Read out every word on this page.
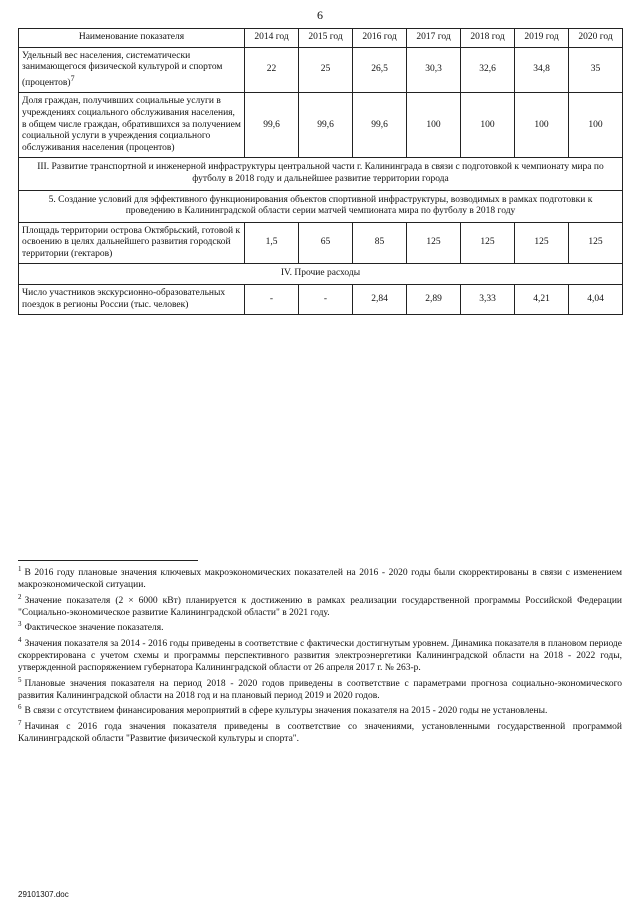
6
Наименование показателя	2014 год	2015 год	2016 год	2017 год	2018 год	2019 год	2020 год
Удельный вес населения, систематически занимающегося физической культурой и спортом (процентов)$^7$	22	25	26,5	30,3	32,6	34,8	35
Доля граждан, получивших социальные услуги в учреждениях социального обслуживания населения, в общем числе граждан, обратившихся за получением социальной услуги в учреждения социального обслуживания населения (процентов)	99,6	99,6	99,6	100	100	100	100
III. Развитие транспортной и инженерной инфраструктуры центральной части г. Калининграда в связи с подготовкой к чемпионату мира по футболу в 2018 году и дальнейшее развитие территории города							
5. Создание условий для эффективного функционирования объектов спортивной инфраструктуры, возводимых в рамках подготовки к проведению в Калининградской области серии матчей чемпионата мира по футболу в 2018 году							
Площадь территории острова Октябрьский, готовой к освоению в целях дальнейшего развития городской территории (гектаров)	1,5	65	85	125	125	125	125
IV. Прочие расходы							
Число участников экскурсионно-образовательных поездок в регионы России (тыс. человек)	-	-	2,84	2,89	3,33	4,21	4,04

$^1$ В 2016 году плановые значения ключевых макроэкономических показателей на 2016 - 2020 годы были скорректированы в связи с изменением макроэкономической ситуации.

$^2$ Значение показателя (2 × 6000 кВт) планируется к достижению в рамках реализации государственной программы Российской Федерации "Социально-экономическое развитие Калининградской области" в 2021 году.

$^3$ Фактическое значение показателя.

$^4$ Значения показателя за 2014 - 2016 годы приведены в соответствие с фактически достигнутым уровнем. Динамика показателя в плановом периоде скорректирована с учетом схемы и программы перспективного развития электроэнергетики Калининградской области на 2018 - 2022 годы, утвержденной распоряжением губернатора Калининградской области от 26 апреля 2017 г. № 263-р.

$^5$ Плановые значения показателя на период 2018 - 2020 годов приведены в соответствие с параметрами прогноза социально-экономического развития Калининградской области на 2018 год и на плановый период 2019 и 2020 годов.

$^6$ В связи с отсутствием финансирования мероприятий в сфере культуры значения показателя на 2015 - 2020 годы не установлены.

$^7$ Начиная с 2016 года значения показателя приведены в соответствие со значениями, установленными государственной программой Калининградской области "Развитие физической культуры и спорта".

29101307.doc
